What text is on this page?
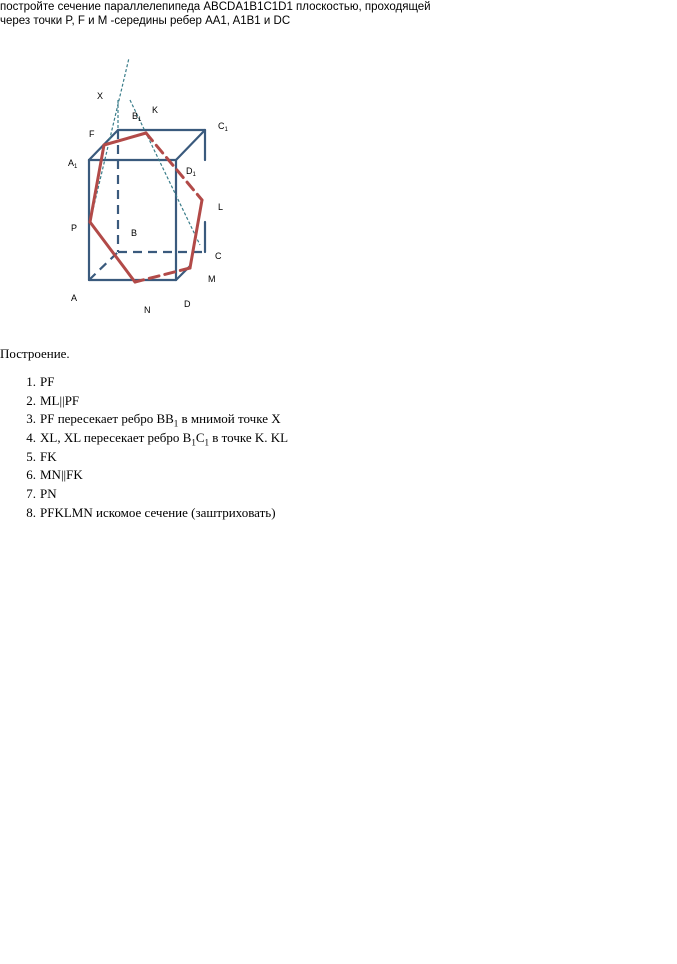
постройте сечение параллелепипеда ABCDA1B1C1D1 плоскостью, проходящей
через точки P, F и M -середины ребер AA1, A1B1 и DC
X
K
$B_1$
F
$C_1$
$A_1$	$D_1$
L
P	B
C
M
A
D
N
Построение.
1. PF
2. ML||PF
3. PF пересекает ребро $BB_1$ в мнимой точке X
4. XL, XL пересекает ребро $B_1C_1$ в точке K. KL
5. FK
6. MN||FK
7. PN
8. PFKLMN искомое сечение (заштриховать)
